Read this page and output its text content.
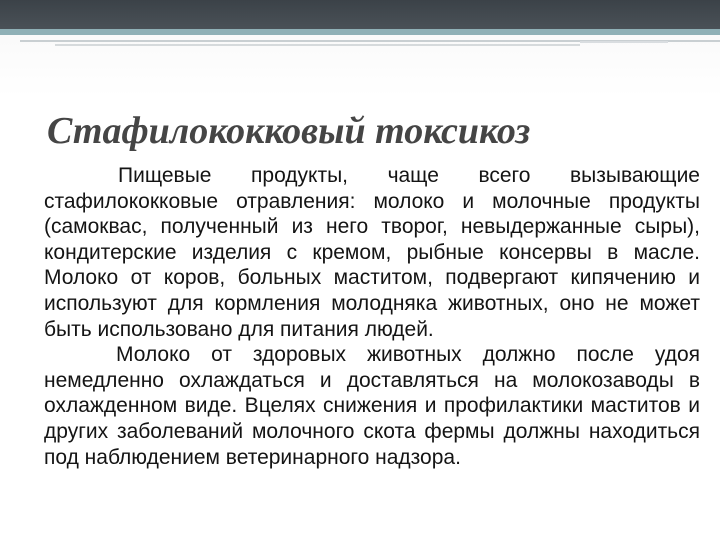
Стафилококковый токсикоз

Пищевые продукты, чаще всего вызывающие стафилококковые отравления: молоко и молочные продукты (самоквас, полученный из него творог, невыдержанные сыры), кондитерские изделия с кремом, рыбные консервы в масле. Молоко от коров, больных маститом, подвергают кипячению и используют для кормления молодняка животных, оно не может быть использовано для питания людей.

Молоко от здоровых животных должно после удоя немедленно охлаждаться и доставляться на молокозаводы в охлажденном виде. Вцелях снижения и профилактики маститов и других заболеваний молочного скота фермы должны находиться под наблюдением ветеринарного надзора.
